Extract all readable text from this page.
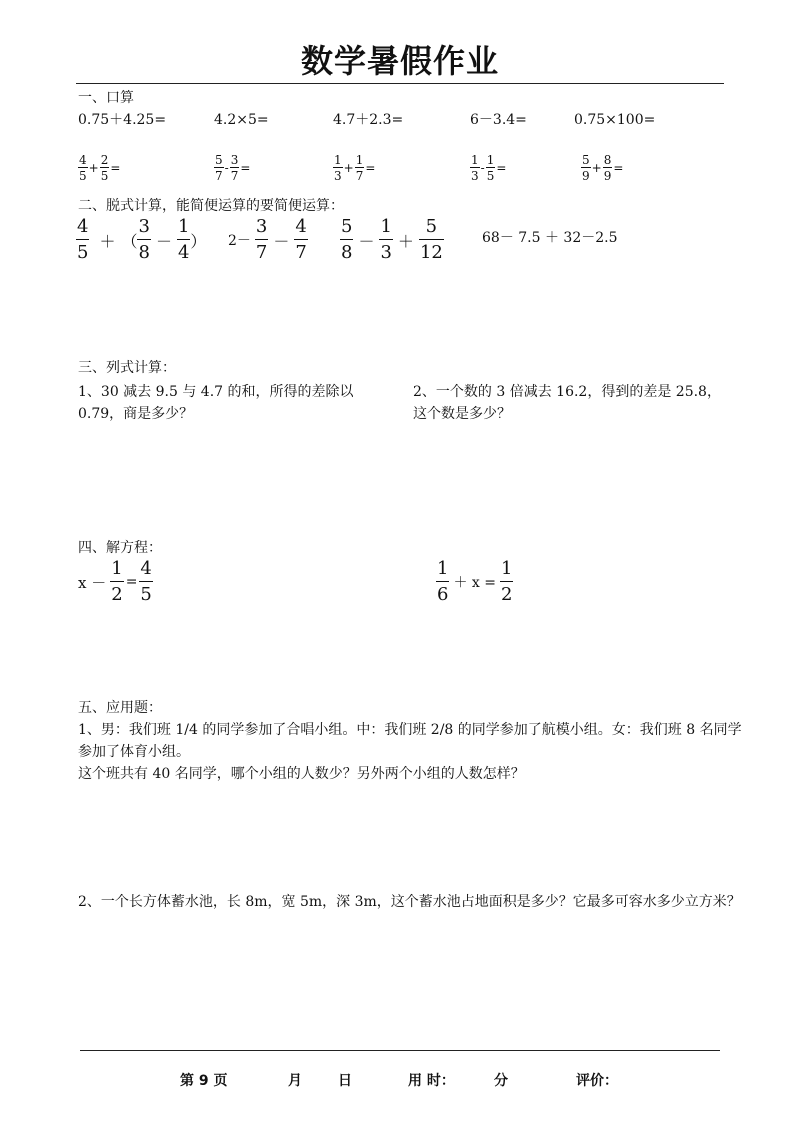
数学暑假作业
一、口算
0.75＋4.25=	4.2×5=	4.7＋2.3=	6－3.4=	0.75×100=
4
5
+ $\frac{2}{5}$ =
5
7
- $\frac{3}{7}$ =
1
3
+ $\frac{1}{7}$ =
1
3
- $\frac{1}{5}$ =
5
9
+ $\frac{8}{9}$ =
二、脱式计算，能简便运算的要简便运算：
4
5
＋ （
3
8
－
1
4
） 2－
3
7
－
4
7
5
8
－
1
3
＋
5
12
68－ 7.5 ＋ 32－2.5
三、列式计算：
1、30 减去 9.5 与 4.7 的和，所得的差除以 0.79，商是多少？
2、一个数的 3 倍减去 16.2，得到的差是 25.8，这个数是多少？
四、解方程：
$x - \frac{1}{2} = \frac{4}{5}$	1
6
＋ $x = \frac{1}{2}$
五、应用题：
1、男：我们班 1/4 的同学参加了合唱小组。中：我们班 2/8 的同学参加了航模小组。女：我们班 8 名同学
参加了体育小组。
这个班共有 40 名同学，哪个小组的人数少？另外两个小组的人数怎样？
2、一个长方体蓄水池，长 8m，宽 5m，深 3m，这个蓄水池占地面积是多少？它最多可容水多少立方米？
第 9 页	月	日	用 时：	分	评价：
